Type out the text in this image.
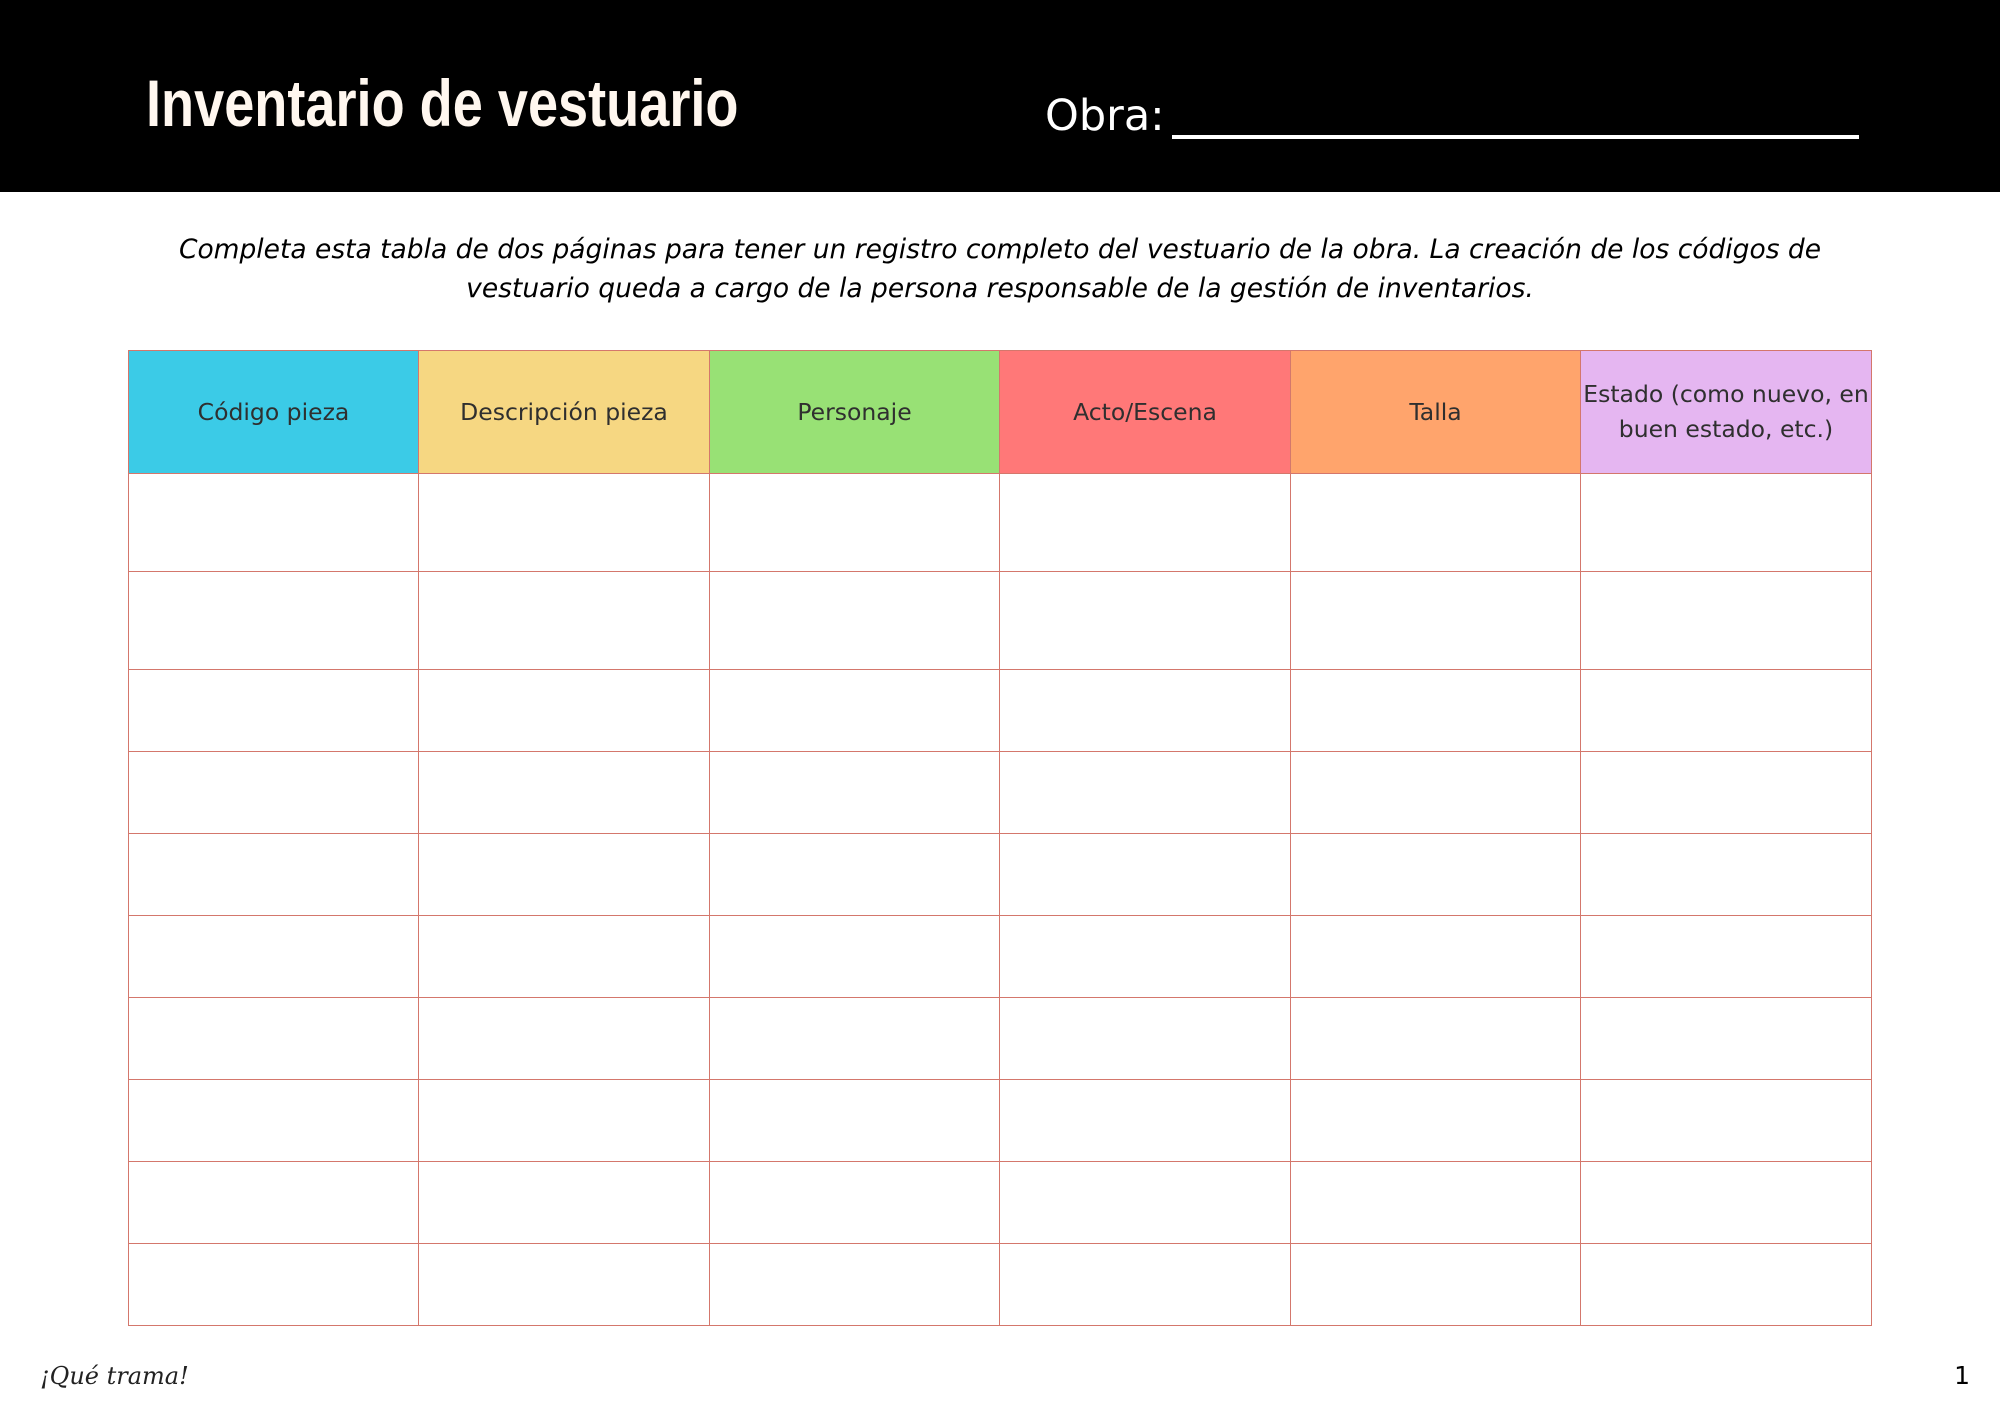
Inventario de vestuario	Obra:

Completa esta tabla de dos páginas para tener un registro completo del vestuario de la obra. La creación de los códigos de vestuario queda a cargo de la persona responsable de la gestión de inventarios.

Código pieza	Descripción pieza	Personaje	Acto/Escena	Talla	Estado (como nuevo, en buen estado, etc.)

¡Qué trama!	1
